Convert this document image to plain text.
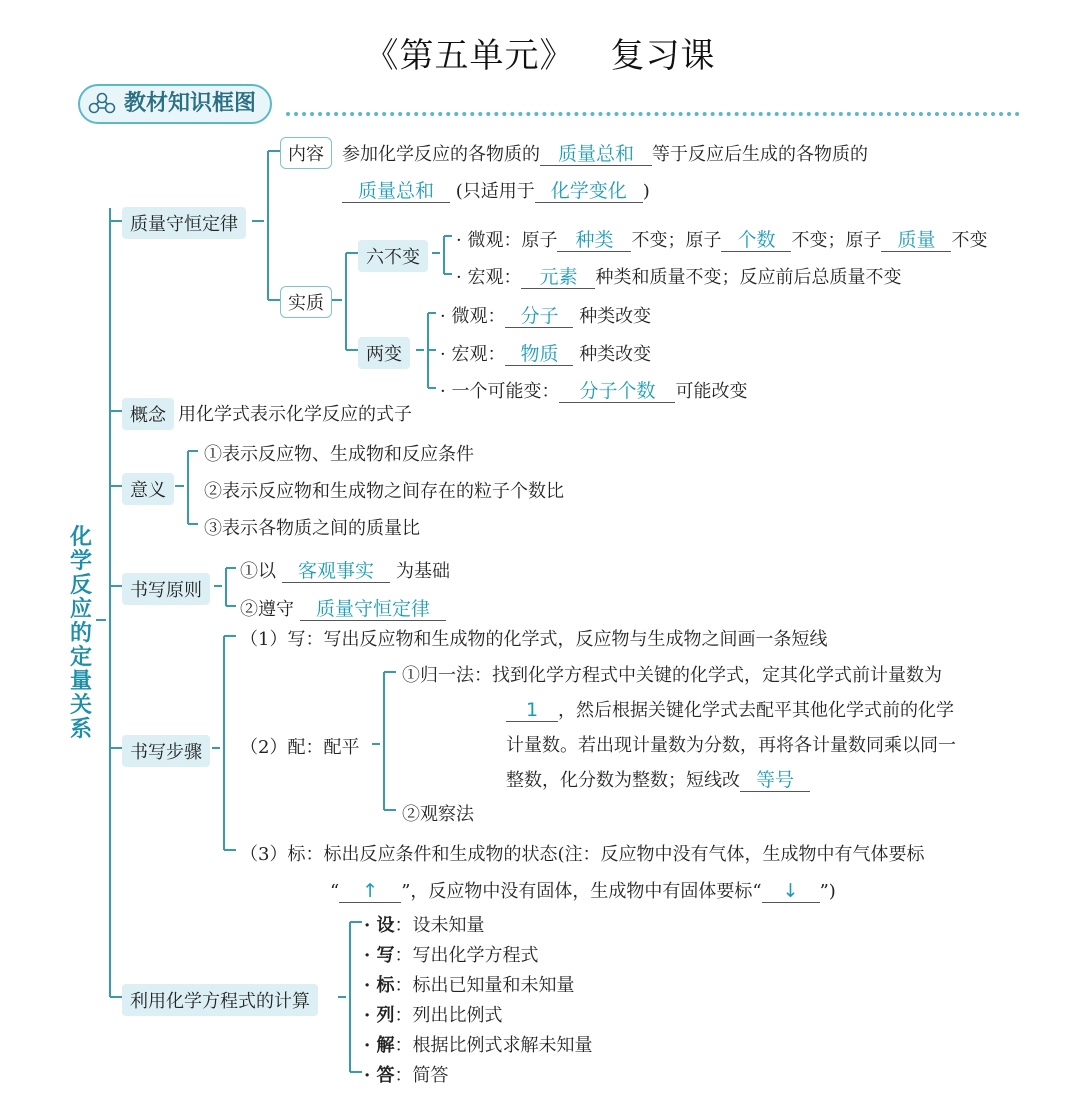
《第五单元》 复习课
教材知识框图
化学反应的定量关系
质量守恒定律
内容	参加化学反应的各物质的 质量总和 等于反应后生成的各物质的
质量总和 (只适用于 化学变化 )
实质
六不变
· 微观：原子 种类 不变；原子 个数 不变；原子 质量 不变
· 宏观： 元素 种类和质量不变；反应前后总质量不变
两变
· 微观： 分子 种类改变
· 宏观： 物质 种类改变
· 一个可能变： 分子个数 可能改变
概念 用化学式表示化学反应的式子
意义
①表示反应物、生成物和反应条件
②表示反应物和生成物之间存在的粒子个数比
③表示各物质之间的质量比
书写原则
①以 客观事实 为基础
②遵守 质量守恒定律
书写步骤
（1）写：写出反应物和生成物的化学式，反应物与生成物之间画一条短线
（2）配：配平
①归一法：找到化学方程式中关键的化学式，定其化学式前计量数为
1 ，然后根据关键化学式去配平其他化学式前的化学
计量数。若出现计量数为分数，再将各计量数同乘以同一
整数，化分数为整数；短线改 等号
②观察法
（3）标：标出反应条件和生成物的状态(注：反应物中没有气体，生成物中有气体要标
“ ↑ ”，反应物中没有固体，生成物中有固体要标“ ↓ ”)
利用化学方程式的计算
· 设：设未知量
· 写：写出化学方程式
· 标：标出已知量和未知量
· 列：列出比例式
· 解：根据比例式求解未知量
· 答：简答
